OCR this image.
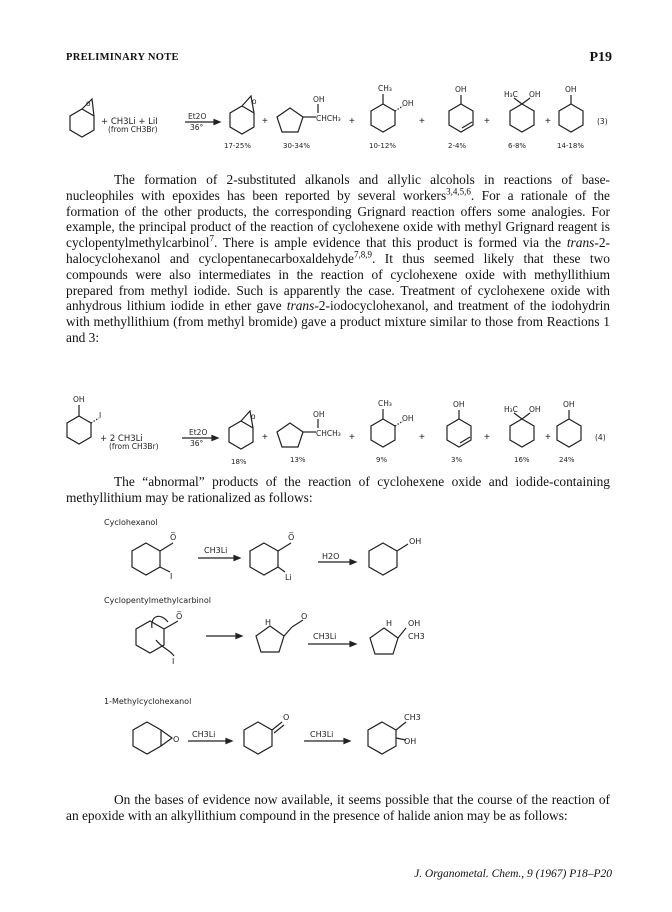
PRELIMINARY NOTE	P19
o
+ CH3Li + LiI
(from CH3Br)
Et2O
36°
o
17-25%
+
OH
CHCH₃
30-34%
+
CH₃
OH
10-12%
+
OH
2-4%
+
H₃C OH
6-8%
+
OH
14-18%
(3)
OH
I
+ 2 CH3Li
(from CH3Br)
Et2O
36°
o
18%
+
OH
CHCH₃
13%
+
CH₃
OH
9%
+
OH
3%
+
H₃C OH
16%
+
OH
24%
(4)
Cyclohexanol
O̅
I
CH3Li
O̅
Li
H2O
OH
Cyclopentylmethylcarbinol
O̅
I
H
O
CH3Li
H OH
CH3
1-Methylcyclohexanol
O
CH3Li
O
CH3Li
CH3
OH
The formation of 2-substituted alkanols and allylic alcohols in reactions of base-nucleophiles with epoxides has been reported by several workers$^{3,4,5,6}$. For a rationale of the formation of the other products, the corresponding Grignard reaction offers some analogies. For example, the principal product of the reaction of cyclohexene oxide with methyl Grignard reagent is cyclopentylmethylcarbinol$^7$. There is ample evidence that this product is formed via the trans-2-halocyclohexanol and cyclopentanecarboxaldehyde$^{7,8,9}$. It thus seemed likely that these two compounds were also intermediates in the reaction of cyclohexene oxide with methyllithium prepared from methyl iodide. Such is apparently the case. Treatment of cyclohexene oxide with anhydrous lithium iodide in ether gave trans-2-iodocyclohexanol, and treatment of the iodohydrin with methyllithium (from methyl bromide) gave a product mixture similar to those from Reactions 1 and 3:
The “abnormal” products of the reaction of cyclohexene oxide and iodide-containing methyllithium may be rationalized as follows:
On the bases of evidence now available, it seems possible that the course of the reaction of an epoxide with an alkyllithium compound in the presence of halide anion may be as follows:
J. Organometal. Chem., 9 (1967) P18–P20
